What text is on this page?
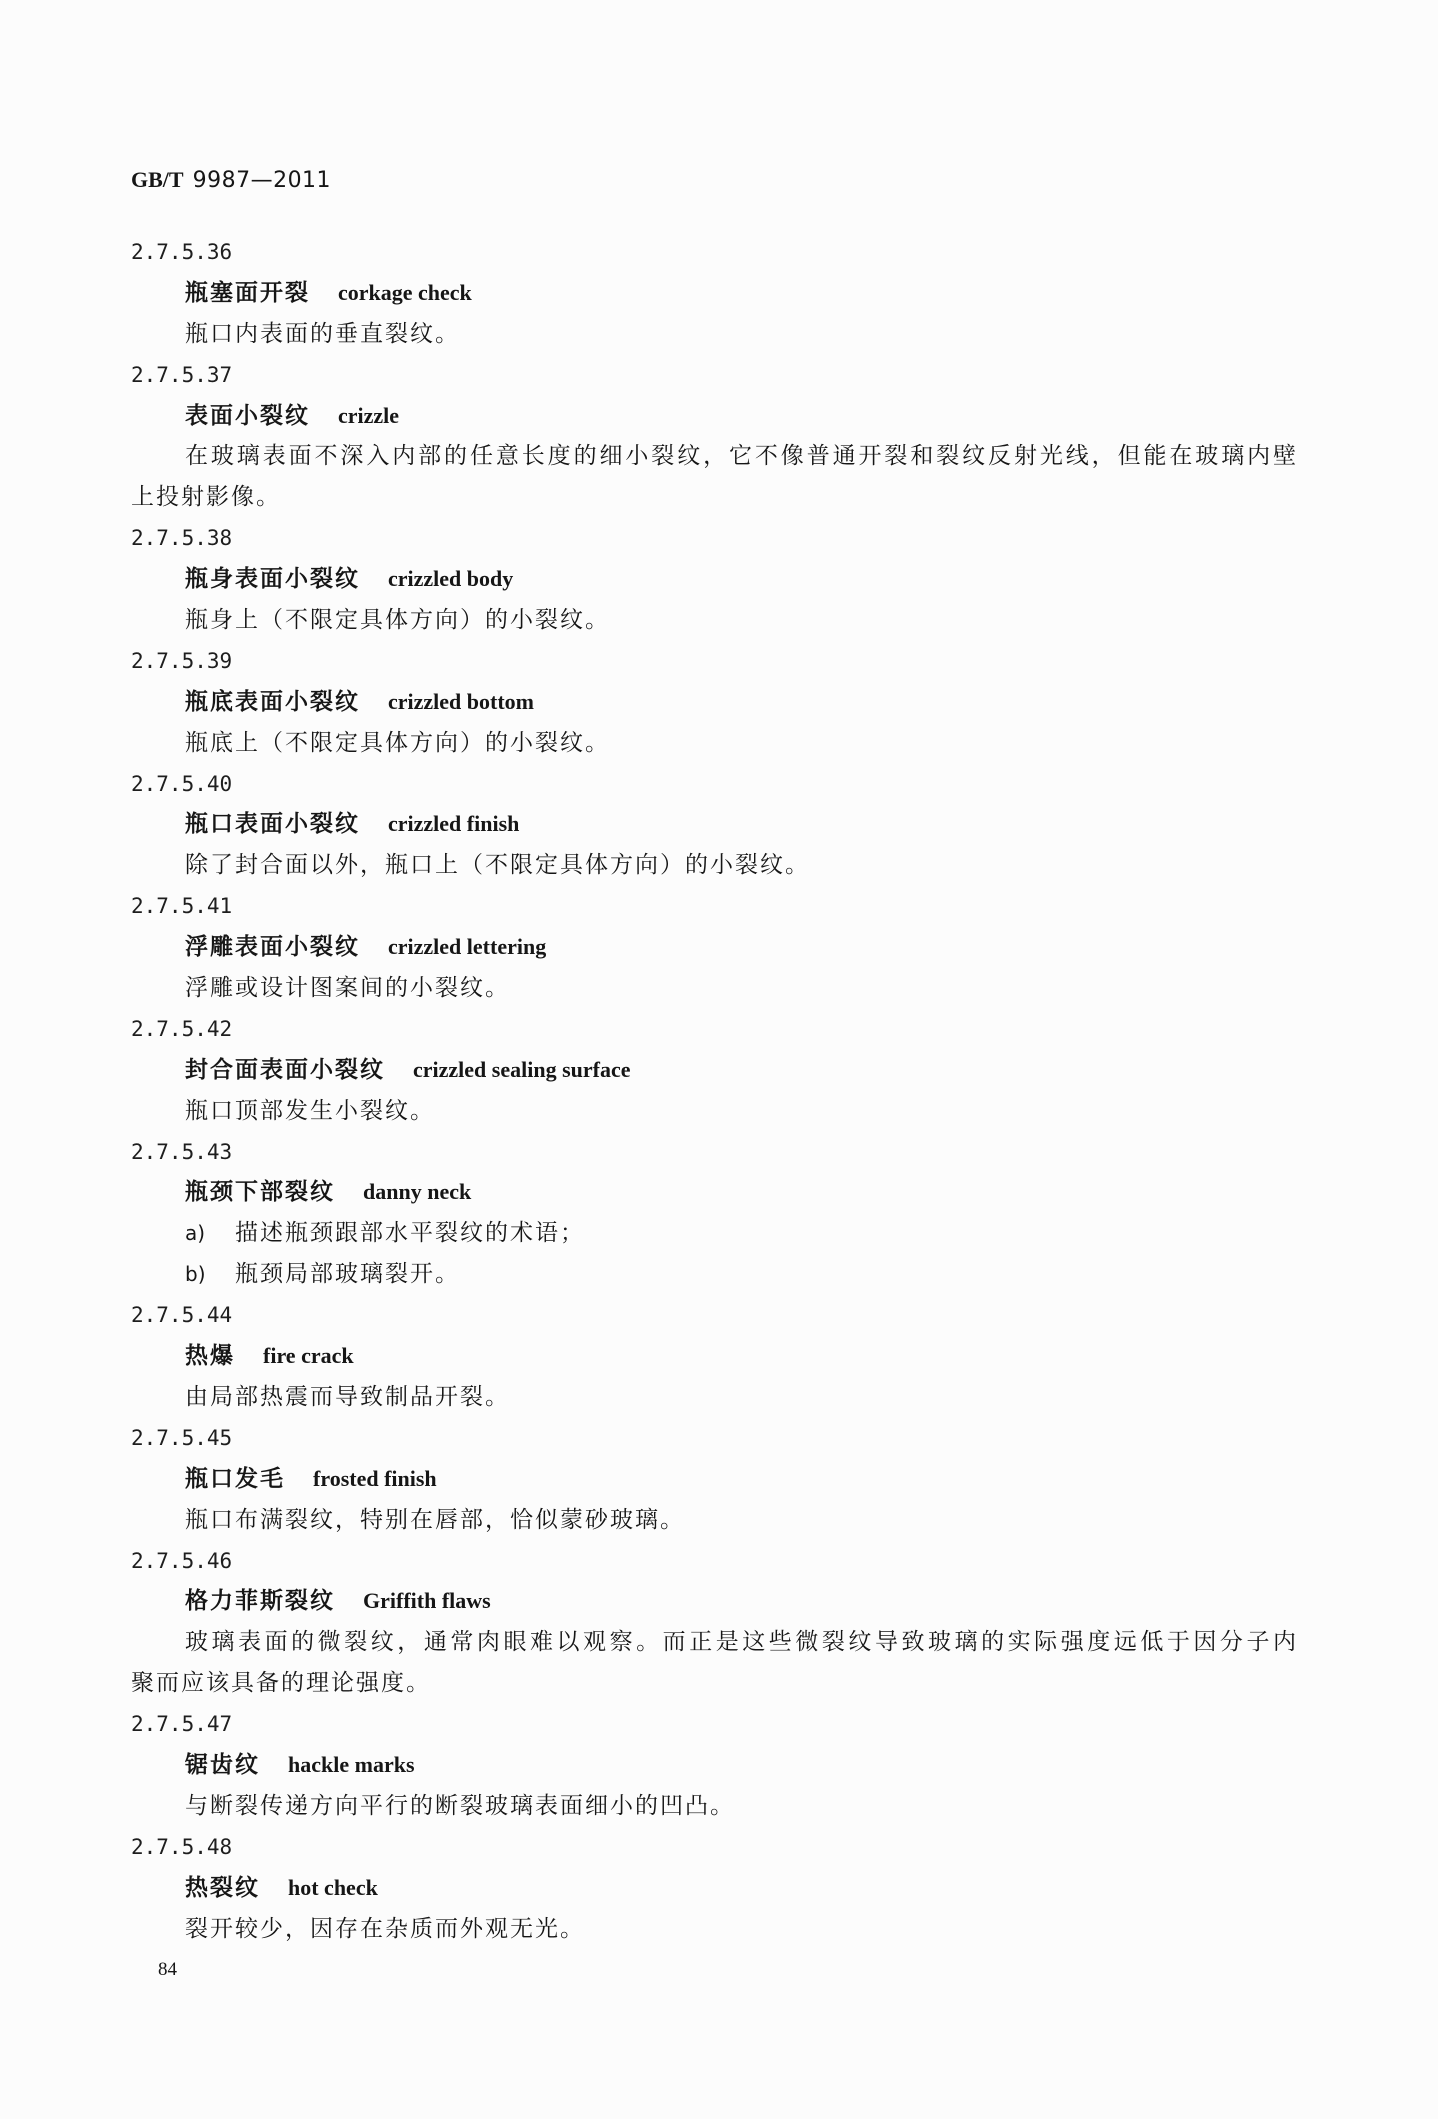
GB/T 9987—2011
2.7.5.36
瓶塞面开裂 corkage check
瓶口内表面的垂直裂纹。
2.7.5.37
表面小裂纹 crizzle
在玻璃表面不深入内部的任意长度的细小裂纹，它不像普通开裂和裂纹反射光线，但能在玻璃内壁
上投射影像。
2.7.5.38
瓶身表面小裂纹 crizzled body
瓶身上（不限定具体方向）的小裂纹。
2.7.5.39
瓶底表面小裂纹 crizzled bottom
瓶底上（不限定具体方向）的小裂纹。
2.7.5.40
瓶口表面小裂纹 crizzled finish
除了封合面以外，瓶口上（不限定具体方向）的小裂纹。
2.7.5.41
浮雕表面小裂纹 crizzled lettering
浮雕或设计图案间的小裂纹。
2.7.5.42
封合面表面小裂纹 crizzled sealing surface
瓶口顶部发生小裂纹。
2.7.5.43
瓶颈下部裂纹 danny neck
a) 描述瓶颈跟部水平裂纹的术语；
b) 瓶颈局部玻璃裂开。
2.7.5.44
热爆 fire crack
由局部热震而导致制品开裂。
2.7.5.45
瓶口发毛 frosted finish
瓶口布满裂纹，特别在唇部，恰似蒙砂玻璃。
2.7.5.46
格力菲斯裂纹 Griffith flaws
玻璃表面的微裂纹，通常肉眼难以观察。而正是这些微裂纹导致玻璃的实际强度远低于因分子内
聚而应该具备的理论强度。
2.7.5.47
锯齿纹 hackle marks
与断裂传递方向平行的断裂玻璃表面细小的凹凸。
2.7.5.48
热裂纹 hot check
裂开较少，因存在杂质而外观无光。
84
